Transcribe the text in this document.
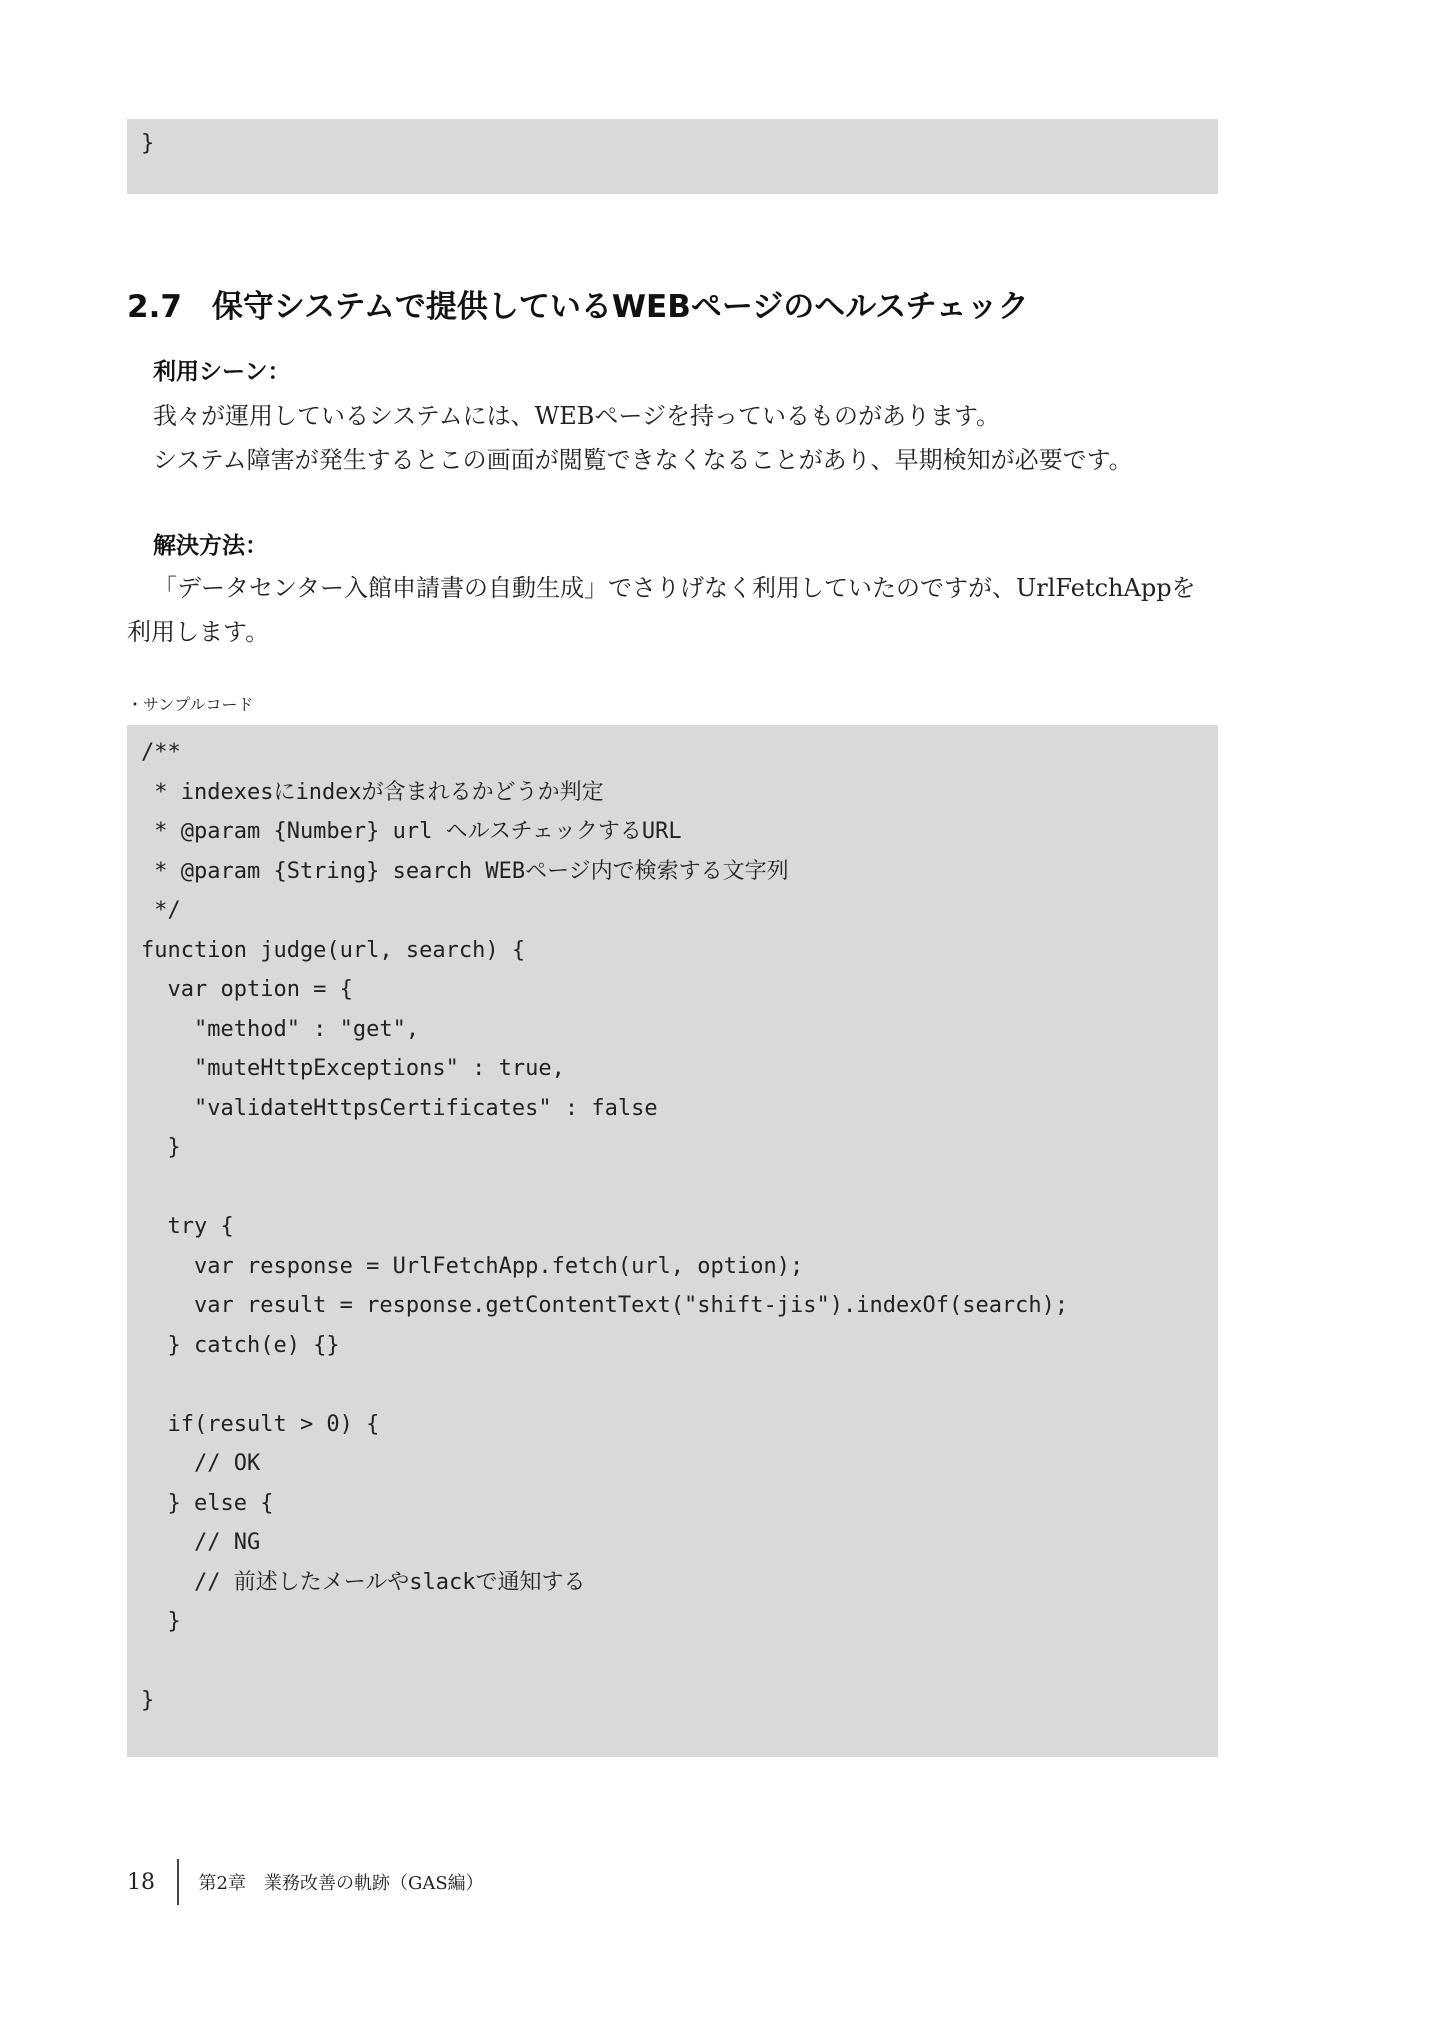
}
2.7 保守システムで提供しているWEBページのヘルスチェック
利用シーン：
我々が運用しているシステムには、WEBページを持っているものがあります。
システム障害が発生するとこの画面が閲覧できなくなることがあり、早期検知が必要です。
解決方法：
「データセンター入館申請書の自動生成」でさりげなく利用していたのですが、UrlFetchAppを
利用します。
・サンプルコード
/**
* indexesにindexが含まれるかどうか判定
* @param {Number} url ヘルスチェックするURL
* @param {String} search WEBページ内で検索する文字列
*/
function judge(url, search) {
var option = {
"method" : "get",
"muteHttpExceptions" : true,
"validateHttpsCertificates" : false
}
try {
var response = UrlFetchApp.fetch(url, option);
var result = response.getContentText("shift-jis").indexOf(search);
} catch(e) {}
if(result > 0) {
// OK
} else {
// NG
// 前述したメールやslackで通知する
}
}
18	第2章　業務改善の軌跡（GAS編）
